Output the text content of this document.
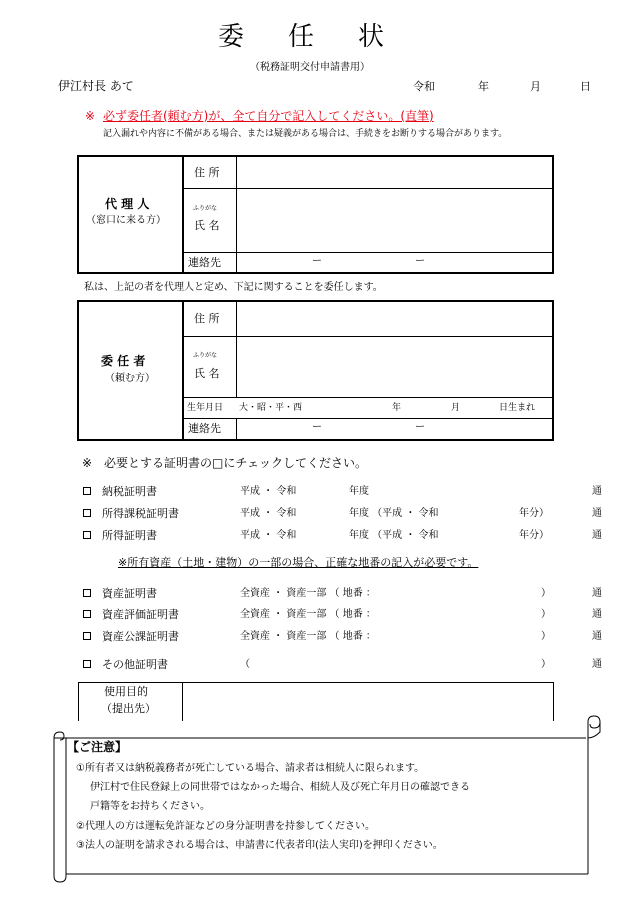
委 任 状
（税務証明交付申請書用）
伊江村長 あて	令和	年	月	日
※ 必ず委任者(頼む方)が、全て自分で記入してください。(直筆)
記入漏れや内容に不備がある場合、または疑義がある場合は、手続きをお断りする場合があります。
代 理 人
（窓口に来る方）
住 所
ふりがな
氏 名
連絡先	ー	ー
私は、上記の者を代理人と定め、下記に関することを委任します。
委 任 者
（頼む方）
住 所
ふりがな
氏 名
生年月日 大・昭・平・西	年	月	日生まれ
連絡先	ー	ー
※　必要とする証明書の□にチェックしてください。
納税証明書	平成 ・ 令和	年度	通
所得課税証明書	平成 ・ 令和	年度 （平成 ・ 令和	年分）	通
所得証明書	平成 ・ 令和	年度 （平成 ・ 令和	年分）	通
※所有資産（土地・建物）の一部の場合、正確な地番の記入が必要です。
資産証明書	全資産 ・ 資産一部 （ 地番 ：	）	通
資産評価証明書	全資産 ・ 資産一部 （ 地番 ：	）	通
資産公課証明書	全資産 ・ 資産一部 （ 地番 ：	）	通
その他証明書	（	）	通
使用目的
（提出先）
【ご注意】
①所有者又は納税義務者が死亡している場合、請求者は相続人に限られます。
伊江村で住民登録上の同世帯ではなかった場合、相続人及び死亡年月日の確認できる
戸籍等をお持ちください。
②代理人の方は運転免許証などの身分証明書を持参してください。
③法人の証明を請求される場合は、申請書に代表者印(法人実印)を押印ください。
